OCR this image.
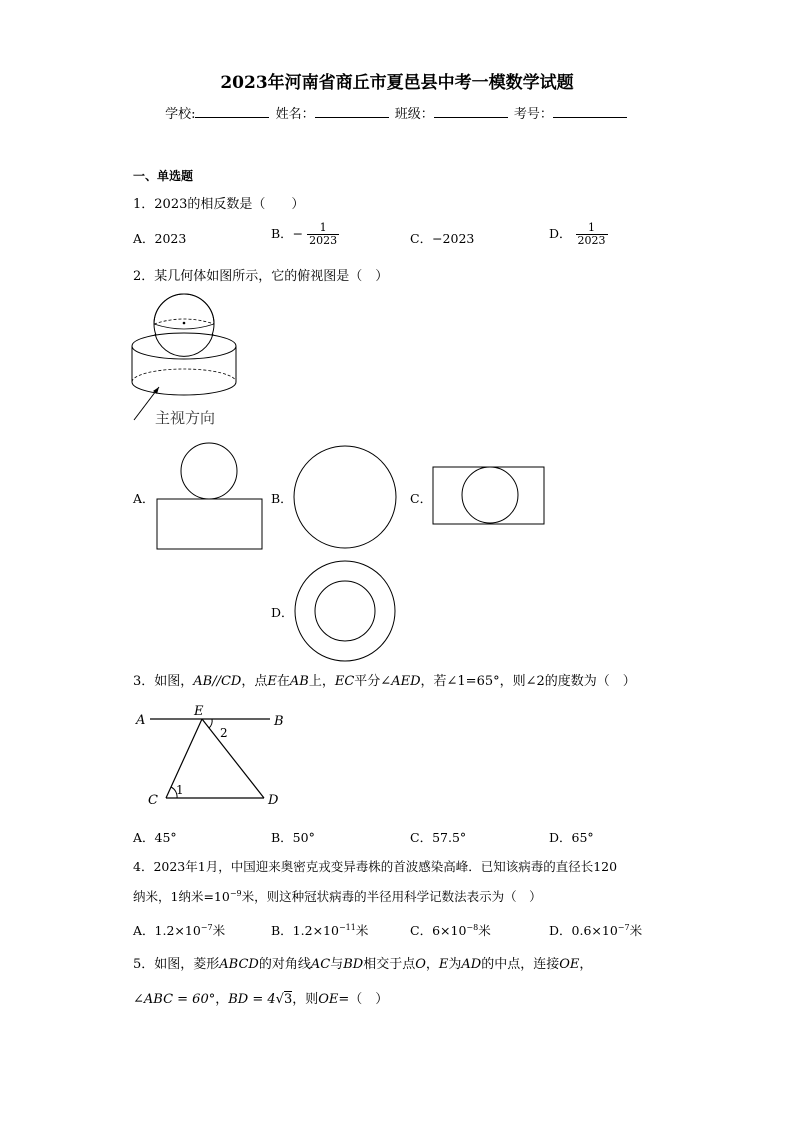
2023年河南省商丘市夏邑县中考一模数学试题
学校:	姓名：	班级：	考号：
一、单选题
1．2023的相反数是（　　）
A．2023	B．− $\frac{1}{2023}$	C．−2023	D． $\frac{1}{2023}$
2．某几何体如图所示，它的俯视图是（　）
主视方向
A．	B．	C．
D．
3．如图，AB//CD，点E在AB上，EC平分∠AED，若∠1=65°，则∠2的度数为（　）
A
E
B
C	D
1
2
A．45°	B．50°	C．57.5°	D．65°
4．2023年1月，中国迎来奥密克戎变异毒株的首波感染高峰．已知该病毒的直径长120
纳米，1纳米$=10^{-9}$米，则这种冠状病毒的半径用科学记数法表示为（　）
A．$1.2\times 10^{-7}$米	B．$1.2\times 10^{-11}$米	C．$6\times 10^{-8}$米	D．$0.6\times 10^{-7}$米
5．如图，菱形ABCD的对角线AC与BD相交于点O，E为AD的中点，连接OE，
∠ABC = 60°，BD = 4√3，则OE=（　）
